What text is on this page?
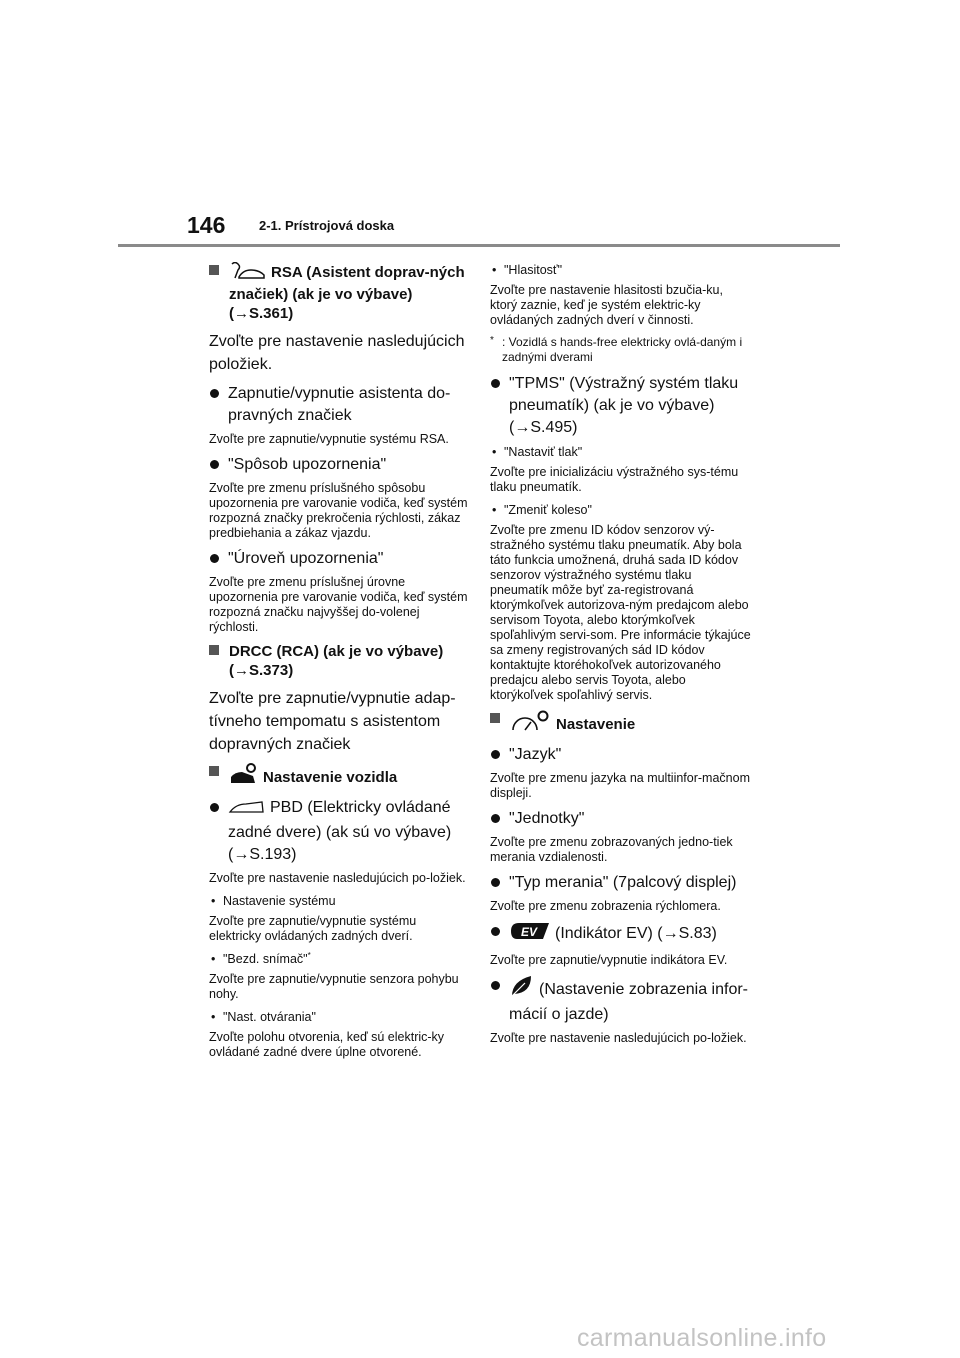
146	2-1. Prístrojová doska
RSA (Asistent doprav-ných značiek) (ak je vo výbave) (→S.361)
Zvoľte pre nastavenie nasledujúcich položiek.
Zapnutie/vypnutie asistenta do-pravných značiek
Zvoľte pre zapnutie/vypnutie systému RSA.
"Spôsob upozornenia"
Zvoľte pre zmenu príslušného spôsobu upozornenia pre varovanie vodiča, keď systém rozpozná značky prekročenia rýchlosti, zákaz predbiehania a zákaz vjazdu.
"Úroveň upozornenia"
Zvoľte pre zmenu príslušnej úrovne upozornenia pre varovanie vodiča, keď systém rozpozná značku najvyššej do-volenej rýchlosti.
DRCC (RCA) (ak je vo výbave) (→S.373)
Zvoľte pre zapnutie/vypnutie adap-tívneho tempomatu s asistentom dopravných značiek
Nastavenie vozidla
PBD (Elektricky ovládané zadné dvere) (ak sú vo výbave) (→S.193)
Zvoľte pre nastavenie nasledujúcich po-ložiek.
• Nastavenie systému
Zvoľte pre zapnutie/vypnutie systému elektricky ovládaných zadných dverí.
• "Bezd. snímač"*
Zvoľte pre zapnutie/vypnutie senzora pohybu nohy.
• "Nast. otvárania"
Zvoľte polohu otvorenia, keď sú elektric-ky ovládané zadné dvere úplne otvorené.
• "Hlasitosť"
Zvoľte pre nastavenie hlasitosti bzučia-ku, ktorý zaznie, keď je systém elektric-ky ovládaných zadných dverí v činnosti.
* : Vozidlá s hands-free elektricky ovlá-daným i zadnými dverami
"TPMS" (Výstražný systém tlaku pneumatík) (ak je vo výbave) (→S.495)
• "Nastaviť tlak"
Zvoľte pre inicializáciu výstražného sys-tému tlaku pneumatík.
• "Zmeniť koleso"
Zvoľte pre zmenu ID kódov senzorov vý-stražného systému tlaku pneumatík. Aby bola táto funkcia umožnená, druhá sada ID kódov senzorov výstražného systému tlaku pneumatík môže byť za-registrovaná ktorýmkoľvek autorizova-ným predajcom alebo servisom Toyota, alebo ktorýmkoľvek spoľahlivým servi-som. Pre informácie týkajúce sa zmeny registrovaných sád ID kódov kontaktujte ktoréhokoľvek autorizovaného predajcu alebo servis Toyota, alebo ktorýkoľvek spoľahlivý servis.
Nastavenie
"Jazyk"
Zvoľte pre zmenu jazyka na multiinfor-mačnom displeji.
"Jednotky"
Zvoľte pre zmenu zobrazovaných jedno-tiek merania vzdialenosti.
"Typ merania" (7palcový displej)
Zvoľte pre zmenu zobrazenia rýchlomera.
EV (Indikátor EV) (→S.83)
Zvoľte pre zapnutie/vypnutie indikátora EV.
(Nastavenie zobrazenia infor-mácií o jazde)
Zvoľte pre nastavenie nasledujúcich po-ložiek.
carmanualsonline.info
